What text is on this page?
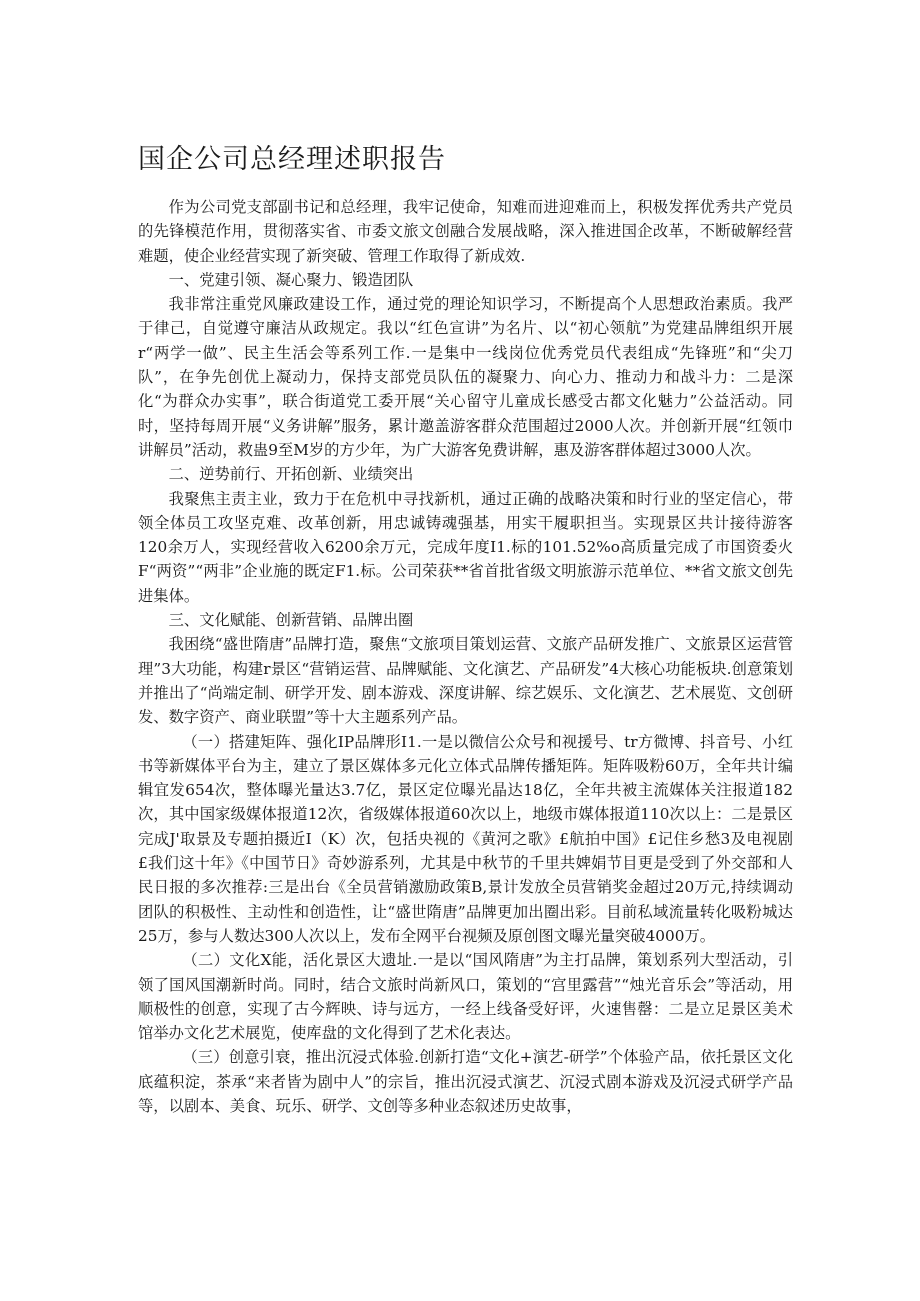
国企公司总经理述职报告

作为公司党支部副书记和总经理，我牢记使命，知难而进迎难而上，积极发挥优秀共产党员的先锋模范作用，贯彻落实省、市委文旅文创融合发展战略，深入推进国企改革，不断破解经营难题，使企业经营实现了新突破、管理工作取得了新成效.

一、党建引领、凝心聚力、锻造团队

我非常注重党风廉政建设工作，通过党的理论知识学习，不断提高个人思想政治素质。我严于律己，自觉遵守廉洁从政规定。我以“红色宣讲”为名片、以“初心领航”为党建品牌组织开展r“两学一做”、民主生活会等系列工作.一是集中一线岗位优秀党员代表组成“先锋班”和“尖刀队”，在争先创优上凝动力，保持支部党员队伍的凝聚力、向心力、推动力和战斗力：二是深化“为群众办实事”，联合街道党工委开展“关心留守儿童成长感受古都文化魅力”公益活动。同时，坚持每周开展“义务讲解”服务，累计邀盖游客群众范围超过2000人次。并创新开展“红领巾讲解员”活动，救蛊9至M岁的方少年，为广大游客免费讲解，惠及游客群体超过3000人次。

二、逆势前行、开拓创新、业绩突出

我聚焦主责主业，致力于在危机中寻找新机，通过正确的战略决策和时行业的坚定信心，带领全体员工攻坚克难、改革创新，用忠诚铸魂强基，用实干履职担当。实现景区共计接待游客120余万人，实现经营收入6200余万元，完成年度I1.标的101.52%o高质量完成了市国资委火F“两资”“两非”企业施的既定F1.标。公司荣获**省首批省级文明旅游示范单位、**省文旅文创先进集体。

三、文化赋能、创新营销、品牌出圈

我困绕“盛世隋唐”品牌打造，聚焦“文旅项目策划运营、文旅产品研发推广、文旅景区运营管理”3大功能，构建r景区“营销运营、品牌赋能、文化演艺、产品研发”4大核心功能板块.创意策划并推出了“尚端定制、研学开发、剧本游戏、深度讲解、综艺娱乐、文化演艺、艺术展览、文创研发、数字资产、商业联盟”等十大主题系列产品。

（一）搭建矩阵、强化IP品牌形I1.一是以微信公众号和视援号、tr方微博、抖音号、小红书等新媒体平台为主，建立了景区媒体多元化立体式品牌传播矩阵。矩阵吸粉60万，全年共计编辑宜发654次，整体曝光量达3.7亿，景区定位曝光晶达18亿，全年共被主流媒体关注报道182次，其中国家级媒体报道12次，省级媒体报道60次以上，地级市媒体报道110次以上：二是景区完成J'取景及专题拍摄近I（K）次，包括央视的《黄河之歌》£航拍中国》£记住乡愁3及电视剧£我们这十年》《中国节日》奇妙游系列，尤其是中秋节的千里共婢娟节目更是受到了外交部和人民日报的多次推荐:三是出台《全员营销激励政策B,景计发放全员营销奖金超过20万元,持续调动团队的积极性、主动性和创造性，让“盛世隋唐”品牌更加出圈出彩。目前私域流量转化吸粉城达25万，参与人数达300人次以上，发布全网平台视频及原创图文曝光量突破4000万。

（二）文化X能，活化景区大遗址.一是以“国风隋唐”为主打品牌，策划系列大型活动，引领了国风国潮新时尚。同时，结合文旅时尚新风口，策划的“宫里露营”“烛光音乐会”等活动，用顺极性的创意，实现了古今辉映、诗与远方，一经上线备受好评，火速售罄：二是立足景区美术馆举办文化艺术展览，使库盘的文化得到了艺术化表达。

（三）创意引衰，推出沉浸式体验.创新打造“文化+演艺-研学”个体验产品，依托景区文化底蕴积淀，茶承“来者皆为剧中人”的宗旨，推出沉浸式演艺、沉浸式剧本游戏及沉浸式研学产品等，以剧本、美食、玩乐、研学、文创等多种业态叙述历史故事，
